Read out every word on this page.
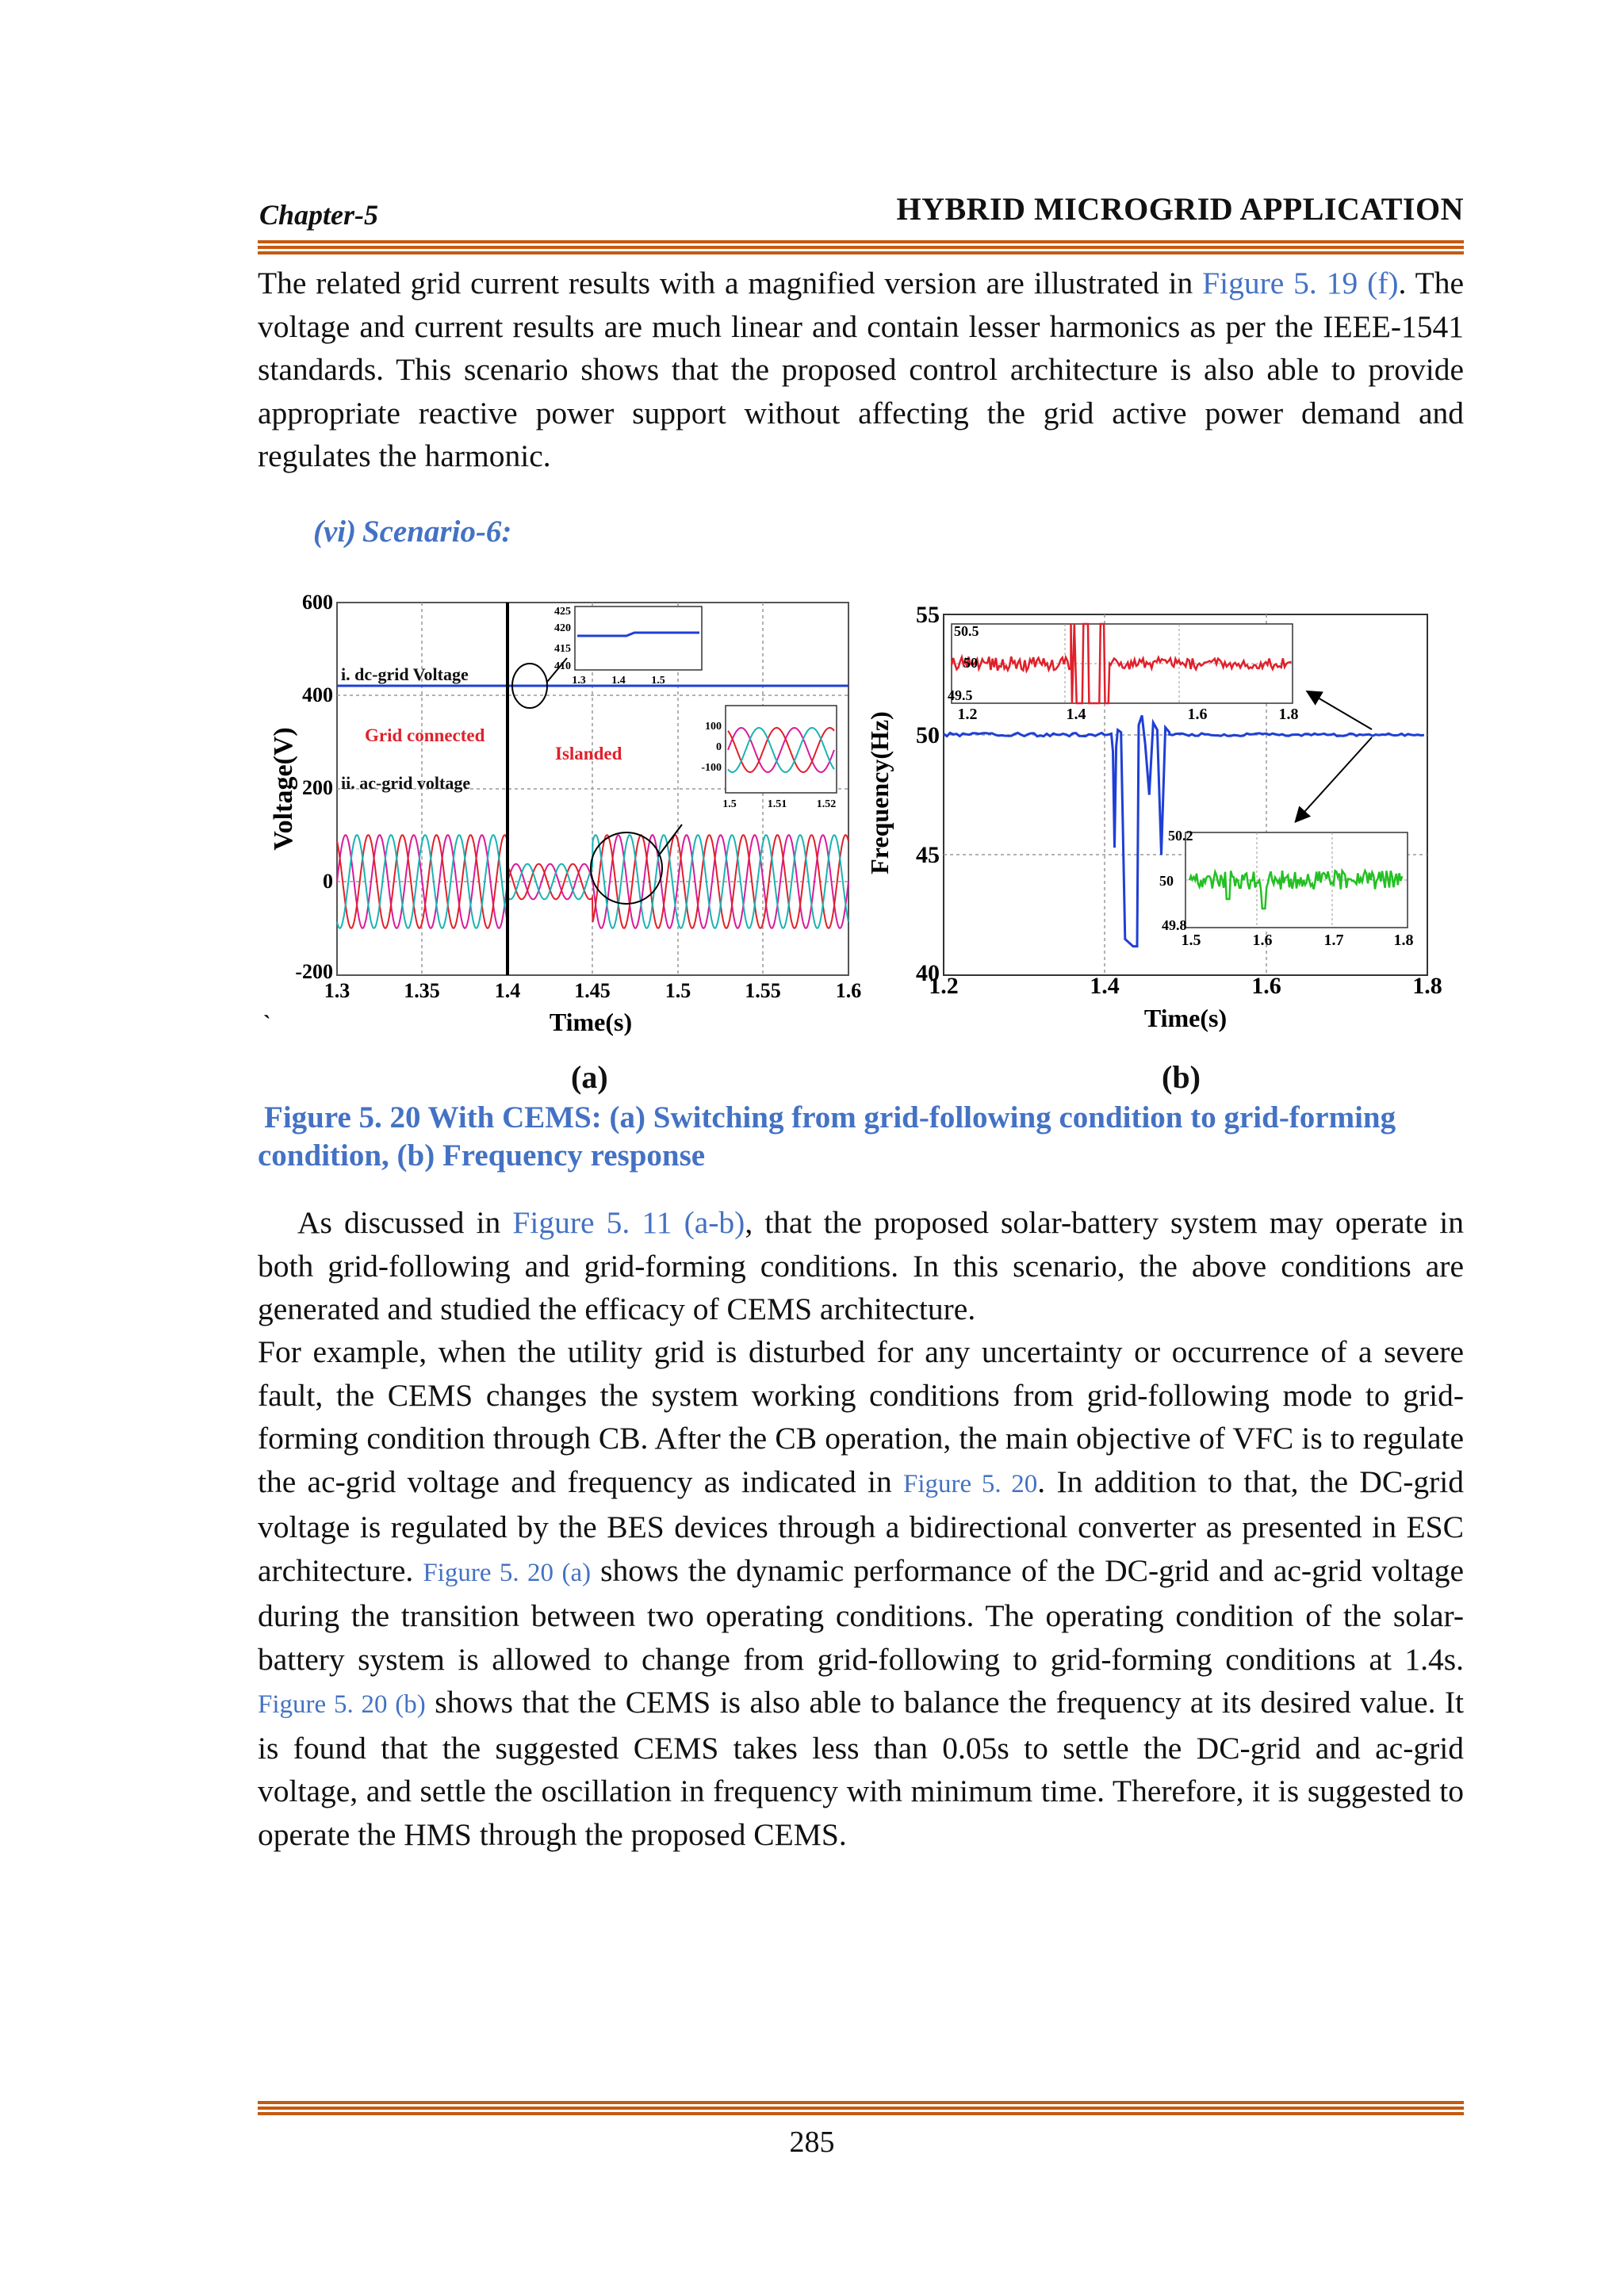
Chapter-5	HYBRID MICROGRID APPLICATION
The related grid current results with a magnified version are illustrated in Figure 5. 19 (f). The voltage and current results are much linear and contain lesser harmonics as per the IEEE-1541 standards. This scenario shows that the proposed control architecture is also able to provide appropriate reactive power support without affecting the grid active power demand and regulates the harmonic.
(vi) Scenario-6:
i. dc-grid Voltage
ii. ac-grid voltage
Grid connected
Islanded
425
420
415
410
1.3 1.4 1.5
100
0
-100
1.5	1.51	1.52
600
400
200
0
-200
1.3	1.35	1.4	1.45	1.5	1.55	1.6
Time(s)
Voltage(V)
`
50.5
50
49.5
1.2	1.4	1.6	1.8
50.2
50
49.8
1.5	1.6	1.7	1.8
55
50
45
40
1.2	1.4	1.6	1.8
Time(s)
Frequency(Hz)
(a)	(b)
Figure 5. 20 With CEMS: (a) Switching from grid-following condition to grid-forming condition, (b) Frequency response
As discussed in Figure 5. 11 (a-b), that the proposed solar-battery system may operate in both grid-following and grid-forming conditions. In this scenario, the above conditions are generated and studied the efficacy of CEMS architecture.
For example, when the utility grid is disturbed for any uncertainty or occurrence of a severe fault, the CEMS changes the system working conditions from grid-following mode to grid-forming condition through CB. After the CB operation, the main objective of VFC is to regulate the ac-grid voltage and frequency as indicated in Figure 5. 20. In addition to that, the DC-grid voltage is regulated by the BES devices through a bidirectional converter as presented in ESC architecture. Figure 5. 20 (a) shows the dynamic performance of the DC-grid and ac-grid voltage during the transition between two operating conditions. The operating condition of the solar-battery system is allowed to change from grid-following to grid-forming conditions at 1.4s. Figure 5. 20 (b) shows that the CEMS is also able to balance the frequency at its desired value. It is found that the suggested CEMS takes less than 0.05s to settle the DC-grid and ac-grid voltage, and settle the oscillation in frequency with minimum time. Therefore, it is suggested to operate the HMS through the proposed CEMS.
285
